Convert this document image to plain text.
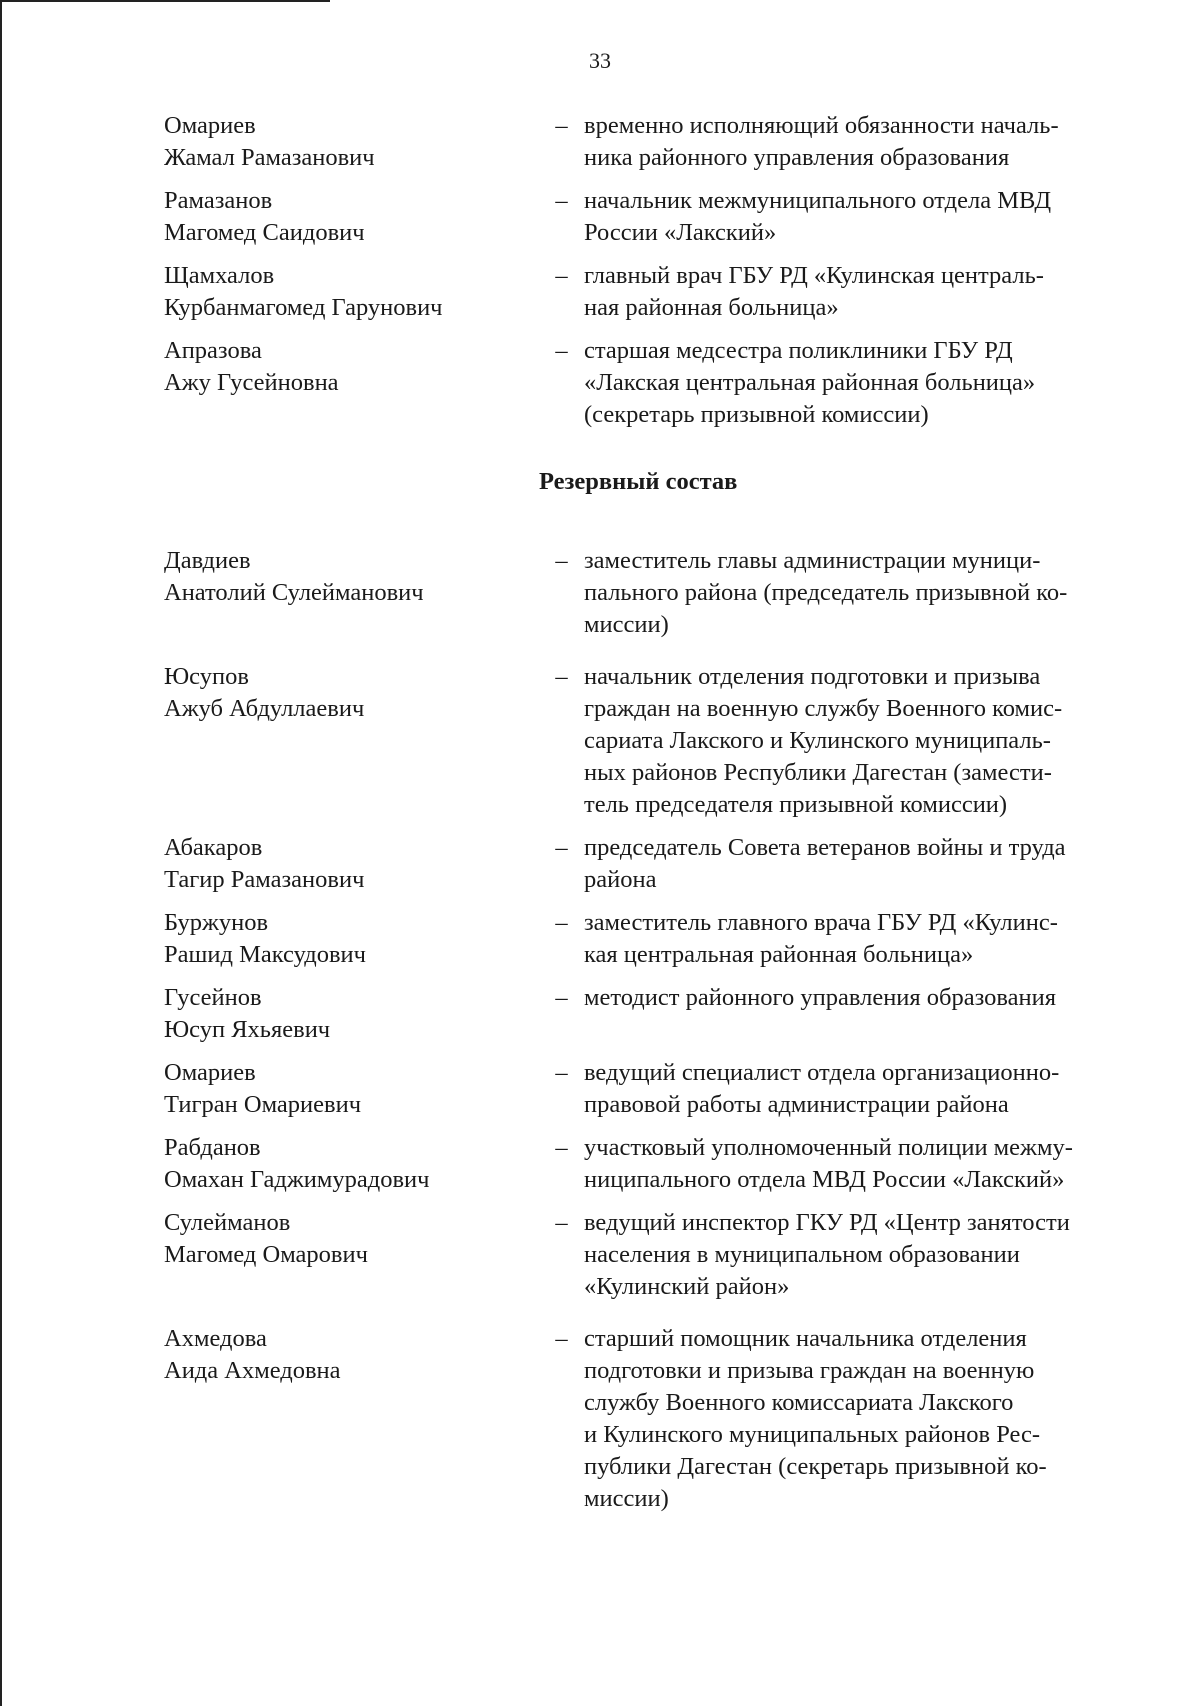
33
Омариев
Жамал Рамазанович
– временно исполняющий обязанности началь-
ника районного управления образования
Рамазанов
Магомед Саидович
– начальник межмуниципального отдела МВД
России «Лакский»
Щамхалов
Курбанмагомед Гарунович
– главный врач ГБУ РД «Кулинская централь-
ная районная больница»
Апразова
Ажу Гусейновна
– старшая медсестра поликлиники ГБУ РД
«Лакская центральная районная больница»
(секретарь призывной комиссии)
Резервный состав
Давдиев
Анатолий Сулейманович
– заместитель главы администрации муници-
пального района (председатель призывной ко-
миссии)
Юсупов
Ажуб Абдуллаевич
– начальник отделения подготовки и призыва
граждан на военную службу Военного комис-
сариата Лакского и Кулинского муниципаль-
ных районов Республики Дагестан (замести-
тель председателя призывной комиссии)
Абакаров
Тагир Рамазанович
– председатель Совета ветеранов войны и труда
района
Буржунов
Рашид Максудович
– заместитель главного врача ГБУ РД «Кулинс-
кая центральная районная больница»
Гусейнов
Юсуп Яхьяевич
– методист районного управления образования
Омариев
Тигран Омариевич
– ведущий специалист отдела организационно-
правовой работы администрации района
Рабданов
Омахан Гаджимурадович
– участковый уполномоченный полиции межму-
ниципального отдела МВД России «Лакский»
Сулейманов
Магомед Омарович
– ведущий инспектор ГКУ РД «Центр занятости
населения в муниципальном образовании
«Кулинский район»
Ахмедова
Аида Ахмедовна
– старший помощник начальника отделения
подготовки и призыва граждан на военную
службу Военного комиссариата Лакского
и Кулинского муниципальных районов Рес-
публики Дагестан (секретарь призывной ко-
миссии)
